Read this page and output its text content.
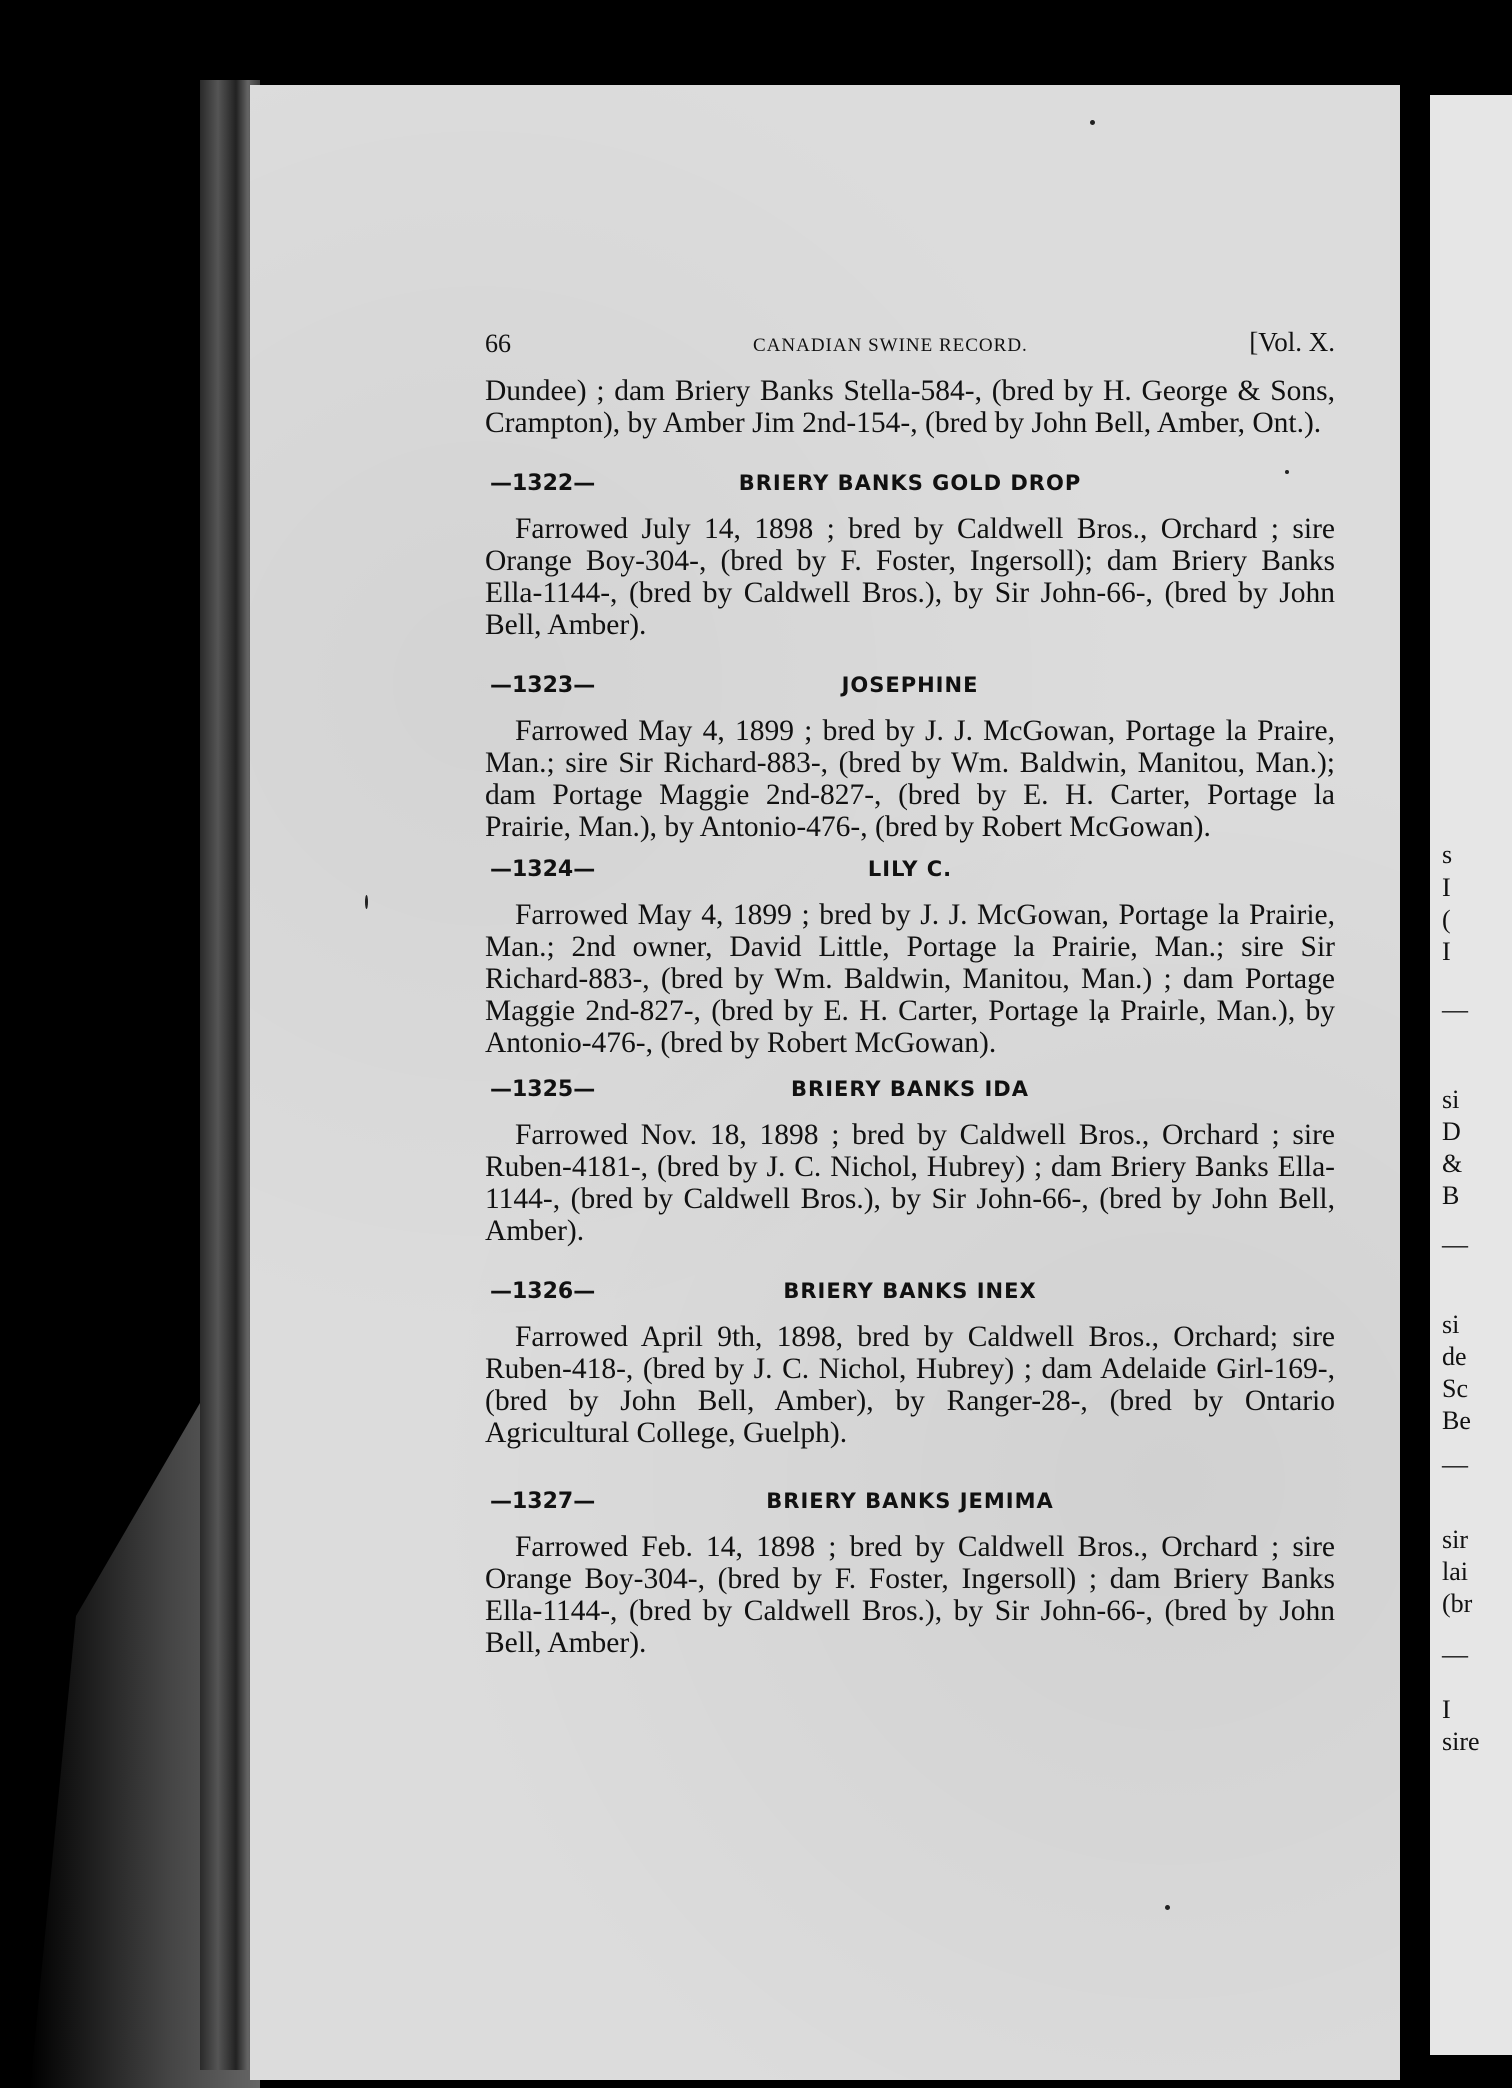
s
I
(
I
—
si
D
&
B
—
si
de
Sc
Be
—
sir
lai
(br
—
I
sire
66	CANADIAN SWINE RECORD.	[Vol. X.

Dundee) ; dam Briery Banks Stella-584-, (bred by H. George & Sons, Crampton), by Amber Jim 2nd-154-, (bred by John Bell, Amber, Ont.).

—1322—	BRIERY BANKS GOLD DROP

Farrowed July 14, 1898 ; bred by Caldwell Bros., Orchard ; sire Orange Boy-304-, (bred by F. Foster, Ingersoll); dam Briery Banks Ella-1144-, (bred by Caldwell Bros.), by Sir John-66-, (bred by John Bell, Amber).

—1323—	JOSEPHINE

Farrowed May 4, 1899 ; bred by J. J. McGowan, Portage la Praire, Man.; sire Sir Richard-883-, (bred by Wm. Baldwin, Manitou, Man.); dam Portage Maggie 2nd-827-, (bred by E. H. Carter, Portage la Prairie, Man.), by Antonio-476-, (bred by Robert McGowan).

—1324—	LILY C.

Farrowed May 4, 1899 ; bred by J. J. McGowan, Portage la Prairie, Man.; 2nd owner, David Little, Portage la Prairie, Man.; sire Sir Richard-883-, (bred by Wm. Baldwin, Manitou, Man.) ; dam Portage Maggie 2nd-827-, (bred by E. H. Carter, Portage la Prairle, Man.), by Antonio-476-, (bred by Robert McGowan).

—1325—	BRIERY BANKS IDA

Farrowed Nov. 18, 1898 ; bred by Caldwell Bros., Orchard ; sire Ruben-4181-, (bred by J. C. Nichol, Hubrey) ; dam Briery Banks Ella-1144-, (bred by Caldwell Bros.), by Sir John-66-, (bred by John Bell, Amber).

—1326—	BRIERY BANKS INEX

Farrowed April 9th, 1898, bred by Caldwell Bros., Orchard; sire Ruben-418-, (bred by J. C. Nichol, Hubrey) ; dam Adelaide Girl-169-, (bred by John Bell, Amber), by Ranger-28-, (bred by Ontario Agricultural College, Guelph).

—1327—	BRIERY BANKS JEMIMA

Farrowed Feb. 14, 1898 ; bred by Caldwell Bros., Orchard ; sire Orange Boy-304-, (bred by F. Foster, Ingersoll) ; dam Briery Banks Ella-1144-, (bred by Caldwell Bros.), by Sir John-66-, (bred by John Bell, Amber).
